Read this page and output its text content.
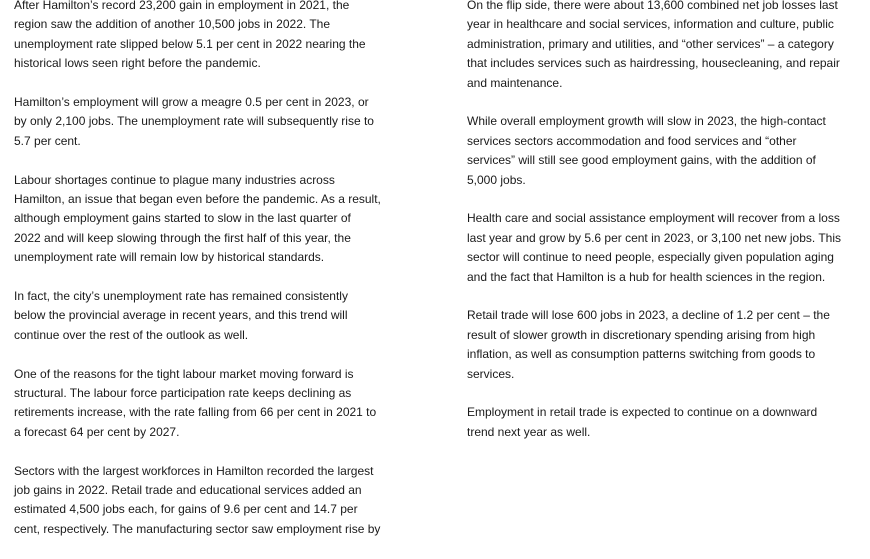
After Hamilton’s record 23,200 gain in employment in 2021, the
region saw the addition of another 10,500 jobs in 2022. The
unemployment rate slipped below 5.1 per cent in 2022 nearing the
historical lows seen right before the pandemic.

Hamilton’s employment will grow a meagre 0.5 per cent in 2023, or
by only 2,100 jobs. The unemployment rate will subsequently rise to
5.7 per cent.

Labour shortages continue to plague many industries across
Hamilton, an issue that began even before the pandemic. As a result,
although employment gains started to slow in the last quarter of
2022 and will keep slowing through the first half of this year, the
unemployment rate will remain low by historical standards.

In fact, the city’s unemployment rate has remained consistently
below the provincial average in recent years, and this trend will
continue over the rest of the outlook as well.

One of the reasons for the tight labour market moving forward is
structural. The labour force participation rate keeps declining as
retirements increase, with the rate falling from 66 per cent in 2021 to
a forecast 64 per cent by 2027.

Sectors with the largest workforces in Hamilton recorded the largest
job gains in 2022. Retail trade and educational services added an
estimated 4,500 jobs each, for gains of 9.6 per cent and 14.7 per
cent, respectively. The manufacturing sector saw employment rise by

On the flip side, there were about 13,600 combined net job losses last
year in healthcare and social services, information and culture, public
administration, primary and utilities, and “other services” – a category
that includes services such as hairdressing, housecleaning, and repair
and maintenance.

While overall employment growth will slow in 2023, the high-contact
services sectors accommodation and food services and “other
services” will still see good employment gains, with the addition of
5,000 jobs.

Health care and social assistance employment will recover from a loss
last year and grow by 5.6 per cent in 2023, or 3,100 net new jobs. This
sector will continue to need people, especially given population aging
and the fact that Hamilton is a hub for health sciences in the region.

Retail trade will lose 600 jobs in 2023, a decline of 1.2 per cent – the
result of slower growth in discretionary spending arising from high
inflation, as well as consumption patterns switching from goods to
services.

Employment in retail trade is expected to continue on a downward
trend next year as well.
